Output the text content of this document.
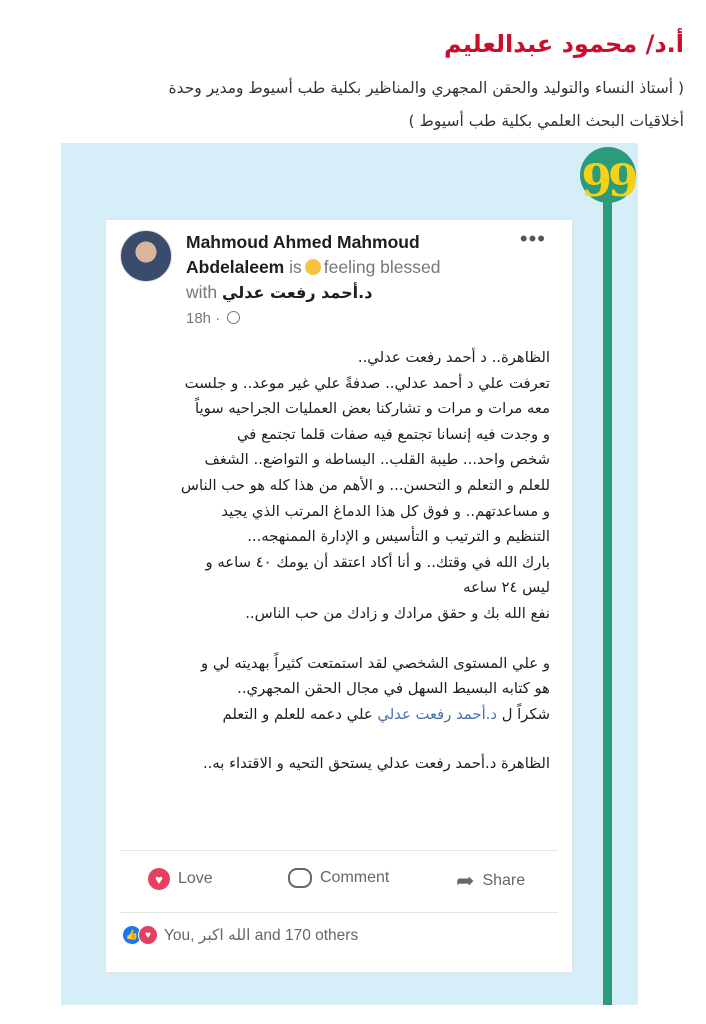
أ.د/ محمود عبدالعليم
( أستاذ النساء والتوليد والحقن المجهري والمناظير بكلية طب أسيوط ومدير وحدة
أخلاقيات البحث العلمي بكلية طب أسيوط )
99
Mahmoud Ahmed Mahmoud
Abdelaleem is feeling blessed
with د.أحمد رفعت عدلي
•••
18h ·

الظاهرة.. د أحمد رفعت عدلي..

تعرفت علي د أحمد عدلي.. صدفةً علي غير موعد.. و جلست

معه مرات و مرات و تشاركنا بعض العمليات الجراحيه سوياً

و وجدت فيه إنسانا تجتمع فيه صفات قلما تجتمع في

شخص واحد... طيبة القلب.. البساطه و التواضع.. الشغف

للعلم و التعلم و التحسن... و الأهم من هذا كله هو حب الناس

و مساعدتهم.. و فوق كل هذا الدماغ المرتب الذي يجيد

التنظيم و الترتيب و التأسيس و الإدارة الممنهجه...

بارك الله في وقتك.. و أنا أكاد اعتقد أن يومك ٤٠ ساعه و

ليس ٢٤ ساعه

نفع الله بك و حقق مرادك و زادك من حب الناس..

و علي المستوى الشخصي لقد استمتعت كثيراً بهديته لي و

هو كتابه البسيط السهل في مجال الحقن المجهري..

شكراً ل د.أحمد رفعت عدلي علي دعمه للعلم و التعلم

الظاهرة د.أحمد رفعت عدلي يستحق التحيه و الاقتداء به..

♥ Love	Comment	➦ Share
👍 ♥ You, الله اكبر and 170 others
